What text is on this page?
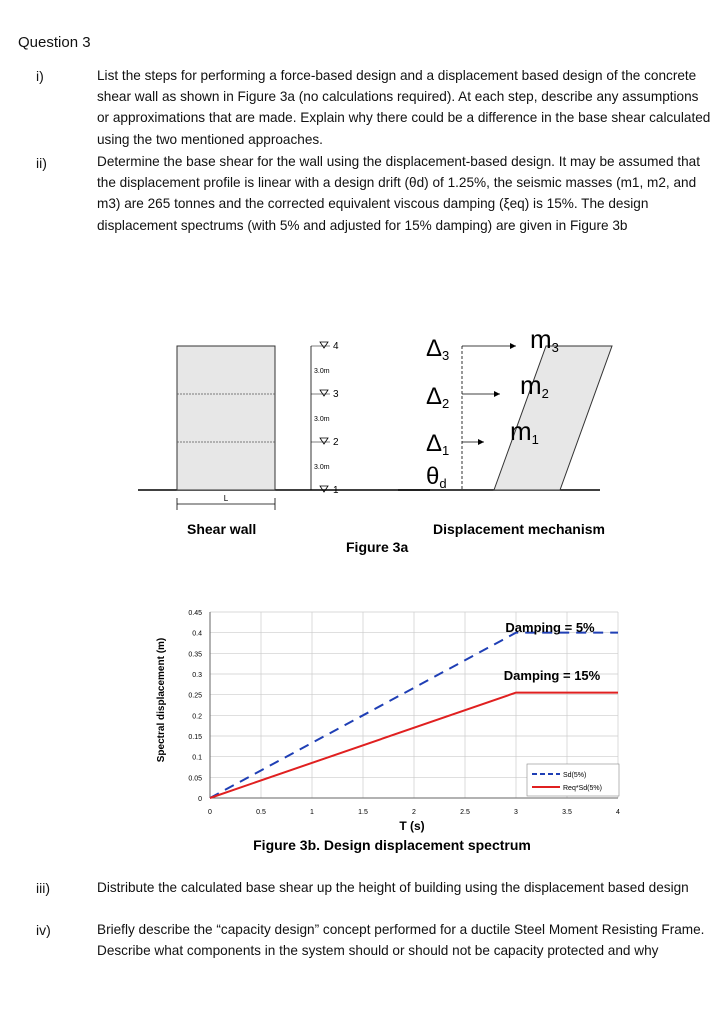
Question 3
i)	List the steps for performing a force-based design and a displacement based design of the concrete shear wall as shown in Figure 3a (no calculations required). At each step, describe any assumptions or approximations that are made. Explain why there could be a difference in the base shear calculated using the two mentioned approaches.

ii)	Determine the base shear for the wall using the displacement-based design. It may be assumed that the displacement profile is linear with a design drift (θd) of 1.25%, the seismic masses (m1, m2, and m3) are 265 tonnes and the corrected equivalent viscous damping (ξeq) is 15%. The design displacement spectrums (with 5% and adjusted for 15% damping) are given in Figure 3b

L
4
3
2
1
3.0m
3.0m
3.0m
Δ3
Δ2
Δ1
θd
m3
m2
m1
Shear wall	Displacement mechanism
Figure 3a
0	0.5	1	1.5	2	2.5	3	3.5	4
0
0.05
0.1
0.15
0.2
0.25
0.3
0.35
0.4
0.45
Spectral displacement (m)
T (s)
Damping = 5%
Damping = 15%
Sd(5%)
Req*Sd(5%)
Figure 3b. Design displacement spectrum
iii)	Distribute the calculated base shear up the height of building using the displacement based design

iv)	Briefly describe the “capacity design” concept performed for a ductile Steel Moment Resisting Frame. Describe what components in the system should or should not be capacity protected and why
